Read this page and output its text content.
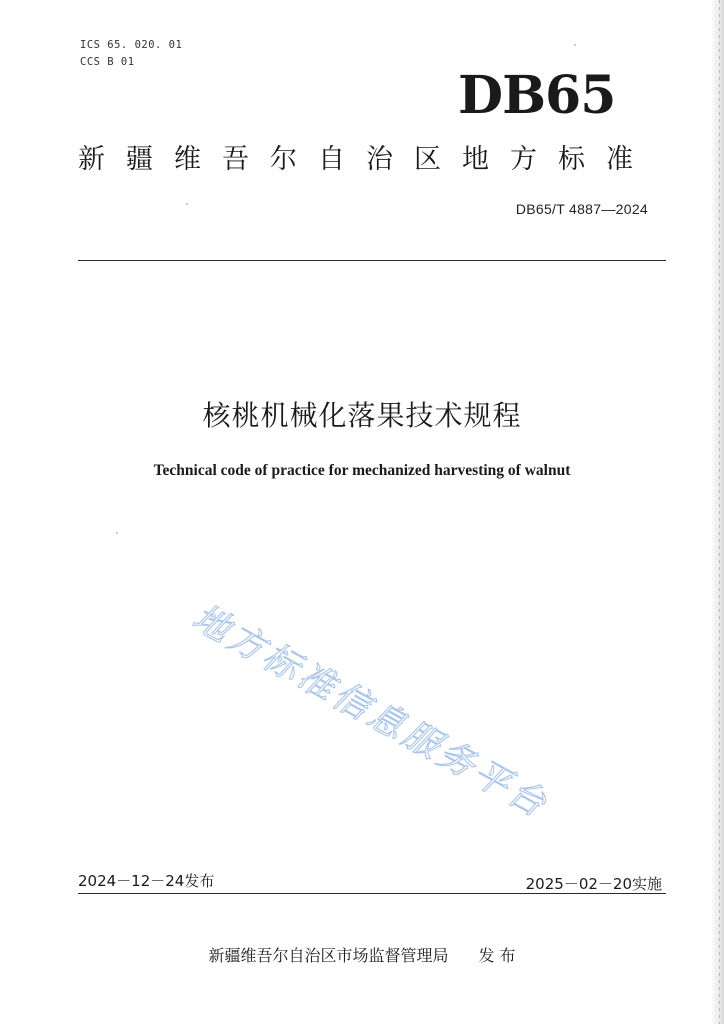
ICS 65. 020. 01
CCS B 01
DB65
新疆维吾尔自治区地方标准
DB65/T 4887—2024
核桃机械化落果技术规程
Technical code of practice for mechanized harvesting of walnut
地方标准信息服务平台
2024－12－24发布	2025－02－20实施
新疆维吾尔自治区市场监督管理局 发 布
